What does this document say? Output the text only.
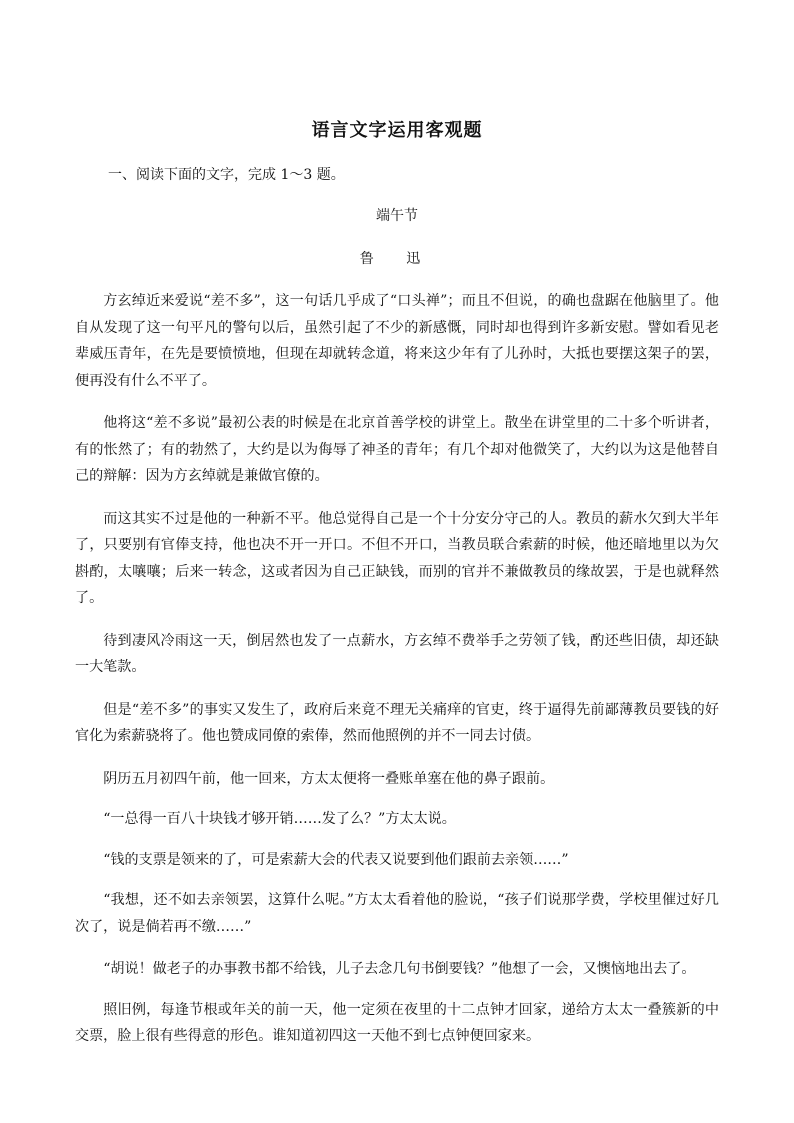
语言文字运用客观题
一、阅读下面的文字，完成 1～3 题。
端午节
鲁 迅

方玄绰近来爱说“差不多”，这一句话几乎成了“口头禅”；而且不但说，的确也盘踞在他脑里了。他自从发现了这一句平凡的警句以后，虽然引起了不少的新感慨，同时却也得到许多新安慰。譬如看见老辈威压青年，在先是要愤愤地，但现在却就转念道，将来这少年有了儿孙时，大抵也要摆这架子的罢，便再没有什么不平了。

他将这“差不多说”最初公表的时候是在北京首善学校的讲堂上。散坐在讲堂里的二十多个听讲者，有的怅然了；有的勃然了，大约是以为侮辱了神圣的青年；有几个却对他微笑了，大约以为这是他替自己的辩解：因为方玄绰就是兼做官僚的。

而这其实不过是他的一种新不平。他总觉得自己是一个十分安分守己的人。教员的薪水欠到大半年了，只要别有官俸支持，他也决不开一开口。不但不开口，当教员联合索薪的时候，他还暗地里以为欠斟酌，太嚷嚷；后来一转念，这或者因为自己正缺钱，而别的官并不兼做教员的缘故罢，于是也就释然了。

待到凄风冷雨这一天，倒居然也发了一点薪水，方玄绰不费举手之劳领了钱，酌还些旧债，却还缺一大笔款。

但是“差不多”的事实又发生了，政府后来竟不理无关痛痒的官吏，终于逼得先前鄙薄教员要钱的好官化为索薪骁将了。他也赞成同僚的索俸，然而他照例的并不一同去讨债。

阴历五月初四午前，他一回来，方太太便将一叠账单塞在他的鼻子跟前。

“一总得一百八十块钱才够开销……发了么？”方太太说。

“钱的支票是领来的了，可是索薪大会的代表又说要到他们跟前去亲领……”

“我想，还不如去亲领罢，这算什么呢。”方太太看着他的脸说，“孩子们说那学费，学校里催过好几次了，说是倘若再不缴……”

“胡说！做老子的办事教书都不给钱，儿子去念几句书倒要钱？”他想了一会，又懊恼地出去了。

照旧例，每逢节根或年关的前一天，他一定须在夜里的十二点钟才回家，递给方太太一叠簇新的中交票，脸上很有些得意的形色。谁知道初四这一天他不到七点钟便回家来。
